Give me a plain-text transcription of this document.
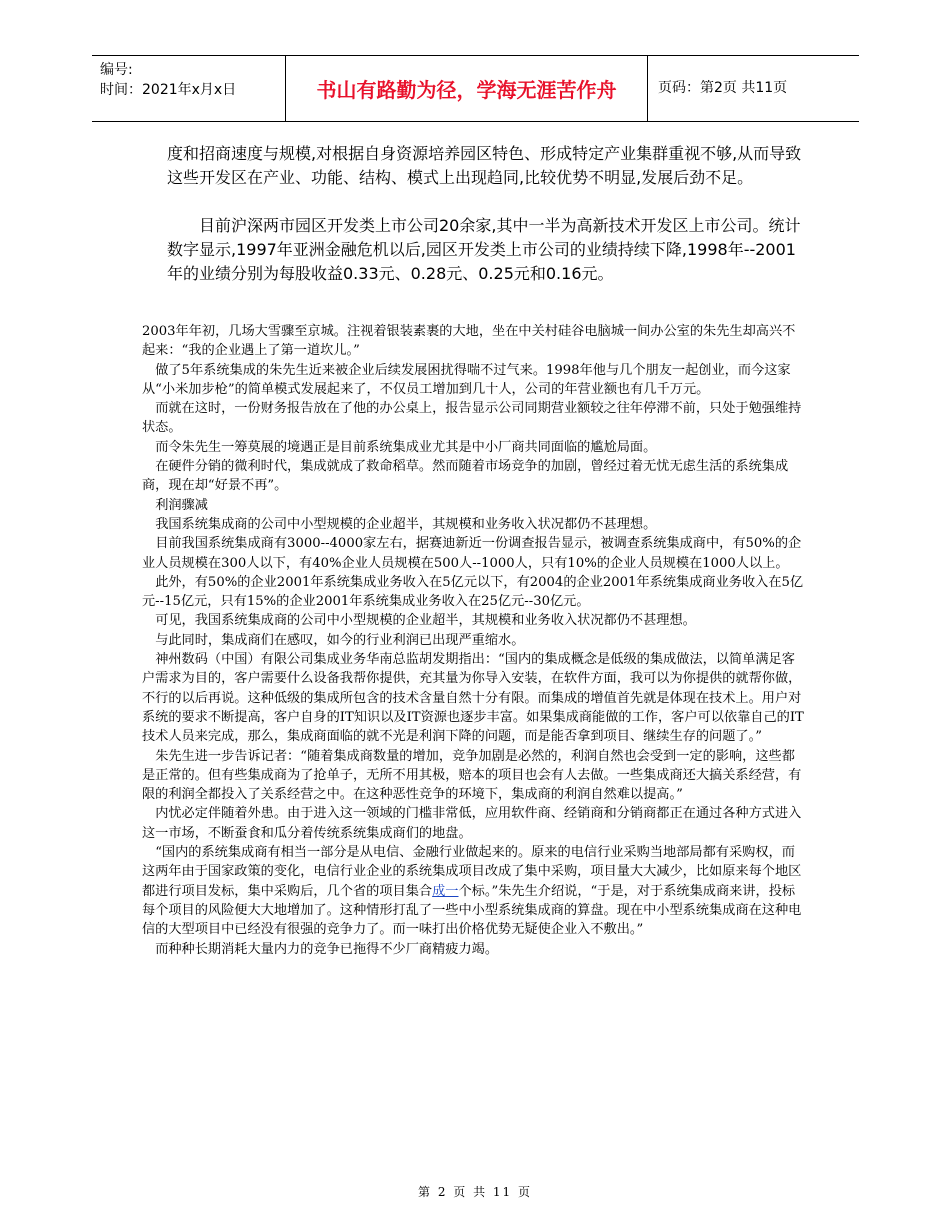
编号:
时间：2021年x月x日	书山有路勤为径，学海无涯苦作舟	页码：第2页 共11页

度和招商速度与规模,对根据自身资源培养园区特色、形成特定产业集群重视不够,从而导致这些开发区在产业、功能、结构、模式上出现趋同,比较优势不明显,发展后劲不足。

目前沪深两市园区开发类上市公司20余家,其中一半为高新技术开发区上市公司。统计数字显示,1997年亚洲金融危机以后,园区开发类上市公司的业绩持续下降,1998年--2001年的业绩分别为每股收益0.33元、0.28元、0.25元和0.16元。

2003年年初，几场大雪骤至京城。注视着银装素裹的大地，坐在中关村硅谷电脑城一间办公室的朱先生却高兴不起来：“我的企业遇上了第一道坎儿。”

做了5年系统集成的朱先生近来被企业后续发展困扰得喘不过气来。1998年他与几个朋友一起创业，而今这家从“小米加步枪”的简单模式发展起来了，不仅员工增加到几十人，公司的年营业额也有几千万元。

而就在这时，一份财务报告放在了他的办公桌上，报告显示公司同期营业额较之往年停滞不前，只处于勉强维持状态。

而令朱先生一筹莫展的境遇正是目前系统集成业尤其是中小厂商共同面临的尴尬局面。

在硬件分销的微利时代，集成就成了救命稻草。然而随着市场竞争的加剧，曾经过着无忧无虑生活的系统集成商，现在却“好景不再”。

利润骤减

我国系统集成商的公司中小型规模的企业超半，其规模和业务收入状况都仍不甚理想。

目前我国系统集成商有3000--4000家左右，据赛迪新近一份调查报告显示，被调查系统集成商中，有50%的企业人员规模在300人以下，有40%企业人员规模在500人--1000人，只有10%的企业人员规模在1000人以上。

此外，有50%的企业2001年系统集成业务收入在5亿元以下，有2004的企业2001年系统集成商业务收入在5亿元--15亿元，只有15%的企业2001年系统集成业务收入在25亿元--30亿元。

可见，我国系统集成商的公司中小型规模的企业超半，其规模和业务收入状况都仍不甚理想。

与此同时，集成商们在感叹，如今的行业利润已出现严重缩水。

神州数码（中国）有限公司集成业务华南总监胡发期指出：“国内的集成概念是低级的集成做法，以简单满足客户需求为目的，客户需要什么设备我帮你提供，充其量为你导入安装，在软件方面，我可以为你提供的就帮你做，不行的以后再说。这种低级的集成所包含的技术含量自然十分有限。而集成的增值首先就是体现在技术上。用户对系统的要求不断提高，客户自身的IT知识以及IT资源也逐步丰富。如果集成商能做的工作，客户可以依靠自己的IT技术人员来完成，那么，集成商面临的就不光是利润下降的问题，而是能否拿到项目、继续生存的问题了。”

朱先生进一步告诉记者：“随着集成商数量的增加，竞争加剧是必然的，利润自然也会受到一定的影响，这些都是正常的。但有些集成商为了抢单子，无所不用其极，赔本的项目也会有人去做。一些集成商还大搞关系经营，有限的利润全都投入了关系经营之中。在这种恶性竞争的环境下，集成商的利润自然难以提高。”

内忧必定伴随着外患。由于进入这一领域的门槛非常低，应用软件商、经销商和分销商都正在通过各种方式进入这一市场，不断蚕食和瓜分着传统系统集成商们的地盘。

“国内的系统集成商有相当一部分是从电信、金融行业做起来的。原来的电信行业采购当地部局都有采购权，而这两年由于国家政策的变化，电信行业企业的系统集成项目改成了集中采购，项目量大大减少，比如原来每个地区都进行项目发标，集中采购后，几个省的项目集合成一个标。”朱先生介绍说，“于是，对于系统集成商来讲，投标每个项目的风险便大大地增加了。这种情形打乱了一些中小型系统集成商的算盘。现在中小型系统集成商在这种电信的大型项目中已经没有很强的竞争力了。而一味打出价格优势无疑使企业入不敷出。”

而种种长期消耗大量内力的竞争已拖得不少厂商精疲力竭。

第 2 页 共 11 页
